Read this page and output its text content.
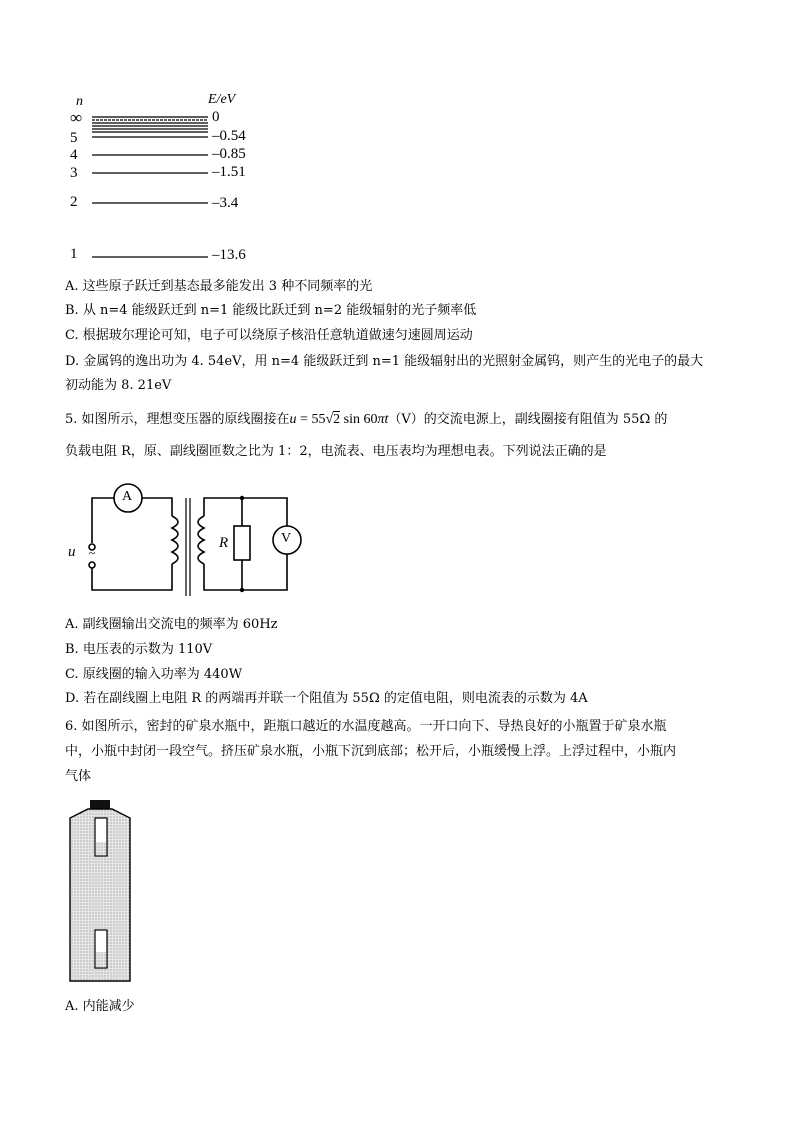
n	E/eV
∞
5
4
3
2
1
0
–0.54
–0.85
–1.51
–3.4
–13.6
A. 这些原子跃迁到基态最多能发出 3 种不同频率的光
B. 从 n=4 能级跃迁到 n=1 能级比跃迁到 n=2 能级辐射的光子频率低
C. 根据玻尔理论可知，电子可以绕原子核沿任意轨道做速匀速圆周运动
D. 金属钨的逸出功为 4. 54eV，用 n=4 能级跃迁到 n=1 能级辐射出的光照射金属钨，则产生的光电子的最大
初动能为 8. 21eV
5. 如图所示，理想变压器的原线圈接在u = 55√2 sin 60πt（V）的交流电源上，副线圈接有阻值为 55Ω 的
负载电阻 R，原、副线圈匝数之比为 1：2，电流表、电压表均为理想电表。下列说法正确的是
~
A
V
R
u
A. 副线圈输出交流电的频率为 60Hz
B. 电压表的示数为 110V
C. 原线圈的输入功率为 440W
D. 若在副线圈上电阻 R 的两端再并联一个阻值为 55Ω 的定值电阻，则电流表的示数为 4A
6. 如图所示，密封的矿泉水瓶中，距瓶口越近的水温度越高。一开口向下、导热良好的小瓶置于矿泉水瓶
中，小瓶中封闭一段空气。挤压矿泉水瓶，小瓶下沉到底部；松开后，小瓶缓慢上浮。上浮过程中，小瓶内
气体
A. 内能减少
